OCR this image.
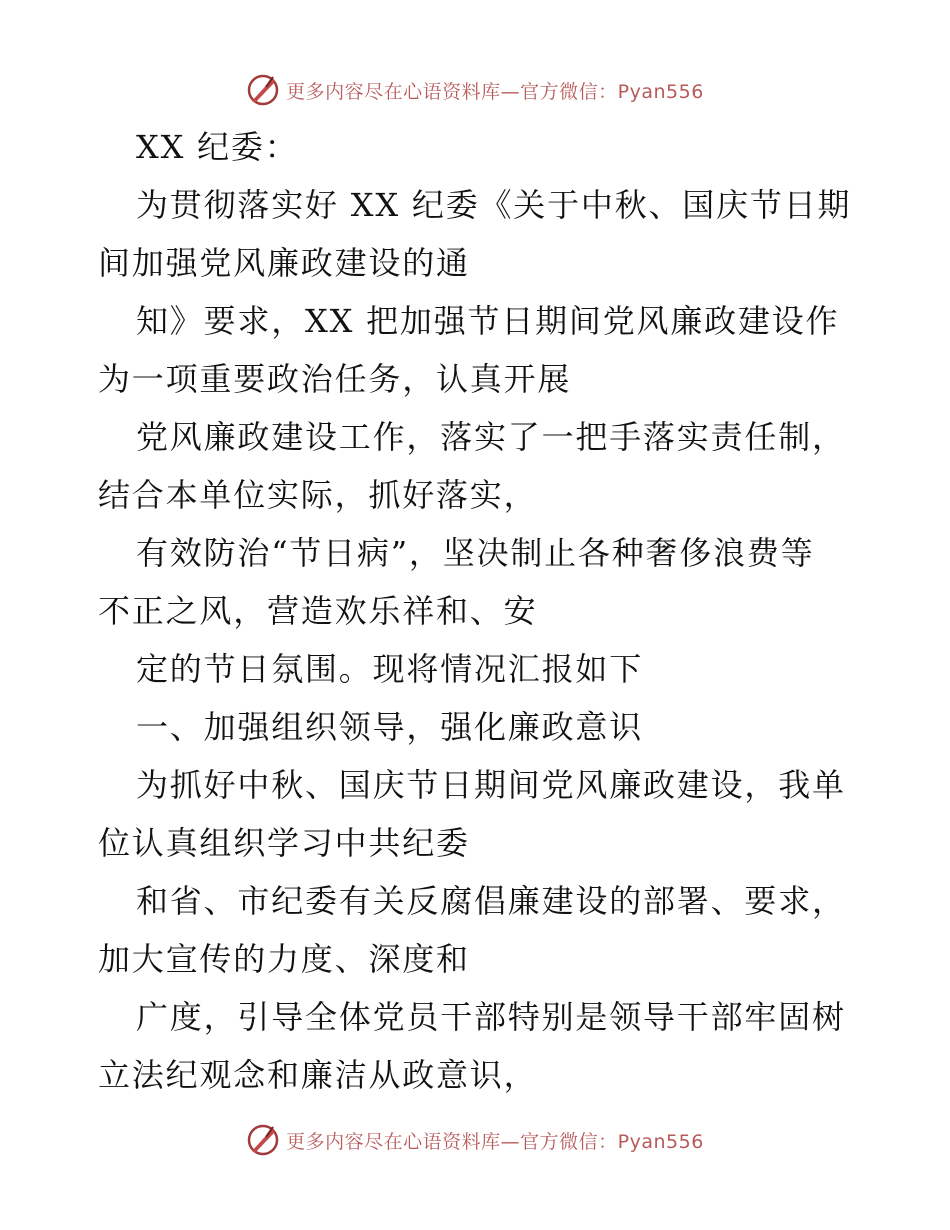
更多内容尽在心语资料库—官方微信：Pyan556
XX 纪委：
为贯彻落实好 XX 纪委《关于中秋、国庆节日期
间加强党风廉政建设的通
知》要求，XX 把加强节日期间党风廉政建设作
为一项重要政治任务，认真开展
党风廉政建设工作，落实了一把手落实责任制，
结合本单位实际，抓好落实，
有效防治“节日病”，坚决制止各种奢侈浪费等
不正之风，营造欢乐祥和、安
定的节日氛围。现将情况汇报如下
一、加强组织领导，强化廉政意识
为抓好中秋、国庆节日期间党风廉政建设，我单
位认真组织学习中共纪委
和省、市纪委有关反腐倡廉建设的部署、要求，
加大宣传的力度、深度和
广度，引导全体党员干部特别是领导干部牢固树
立法纪观念和廉洁从政意识，
更多内容尽在心语资料库—官方微信：Pyan556
